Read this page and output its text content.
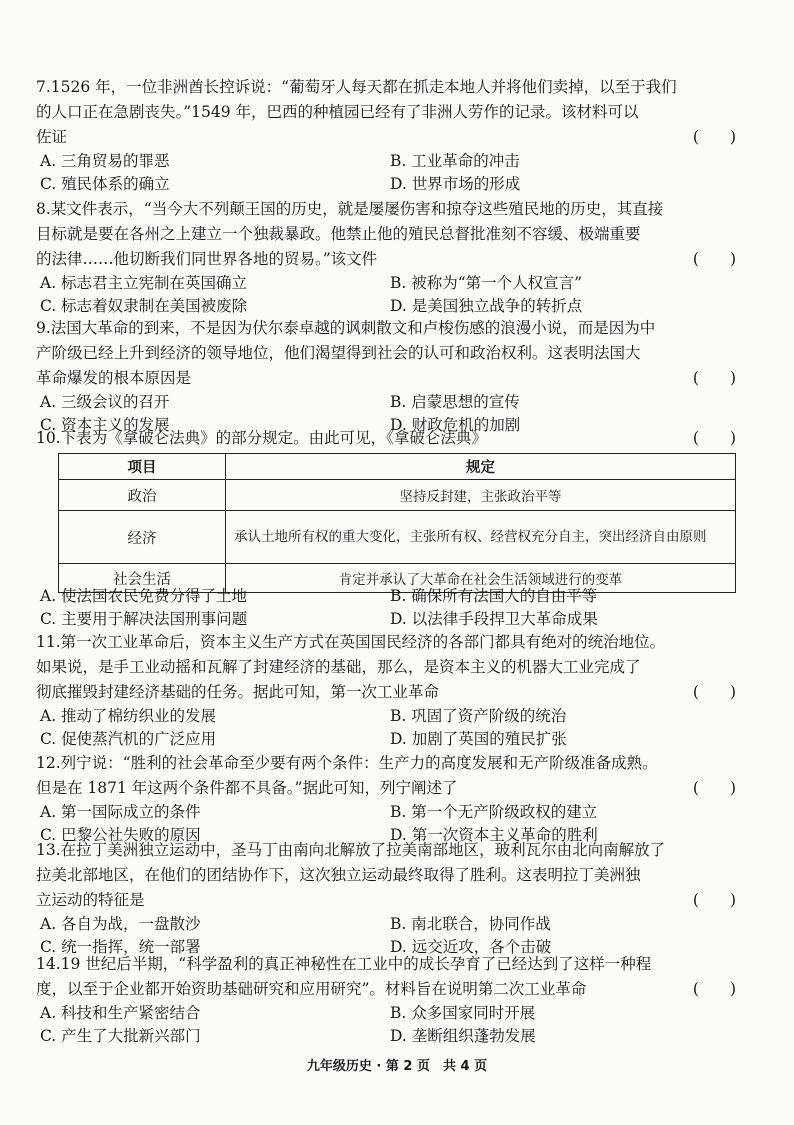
7.1526 年，一位非洲酋长控诉说：“葡萄牙人每天都在抓走本地人并将他们卖掉，以至于我们
的人口正在急剧丧失。”1549 年，巴西的种植园已经有了非洲人劳作的记录。该材料可以

佐证	(　　)

A. 三角贸易的罪恶	B. 工业革命的冲击
C. 殖民体系的确立	D. 世界市场的形成

8.某文件表示，“当今大不列颠王国的历史，就是屡屡伤害和掠夺这些殖民地的历史，其直接
目标就是要在各州之上建立一个独裁暴政。他禁止他的殖民总督批准刻不容缓、极端重要

的法律……他切断我们同世界各地的贸易。”该文件	(　　)

A. 标志君主立宪制在英国确立	B. 被称为“第一个人权宣言”
C. 标志着奴隶制在美国被废除	D. 是美国独立战争的转折点

9.法国大革命的到来，不是因为伏尔泰卓越的讽刺散文和卢梭伤感的浪漫小说，而是因为中
产阶级已经上升到经济的领导地位，他们渴望得到社会的认可和政治权利。这表明法国大

革命爆发的根本原因是	(　　)

A. 三级会议的召开	B. 启蒙思想的宣传
C. 资本主义的发展	D. 财政危机的加剧

10.下表为《拿破仑法典》的部分规定。由此可见，《拿破仑法典》	(　　)

项目	规定
政治	坚持反封建，主张政治平等
经济	承认土地所有权的重大变化，主张所有权、经营权充分自主，突出经济自由原则
社会生活	肯定并承认了大革命在社会生活领域进行的变革
A. 使法国农民免费分得了土地	B. 确保所有法国人的自由平等
C. 主要用于解决法国刑事问题	D. 以法律手段捍卫大革命成果

11.第一次工业革命后，资本主义生产方式在英国国民经济的各部门都具有绝对的统治地位。
如果说，是手工业动摇和瓦解了封建经济的基础，那么，是资本主义的机器大工业完成了

彻底摧毁封建经济基础的任务。据此可知，第一次工业革命	(　　)

A. 推动了棉纺织业的发展	B. 巩固了资产阶级的统治
C. 促使蒸汽机的广泛应用	D. 加剧了英国的殖民扩张

12.列宁说：“胜利的社会革命至少要有两个条件：生产力的高度发展和无产阶级准备成熟。

但是在 1871 年这两个条件都不具备。”据此可知，列宁阐述了	(　　)

A. 第一国际成立的条件	B. 第一个无产阶级政权的建立
C. 巴黎公社失败的原因	D. 第一次资本主义革命的胜利

13.在拉丁美洲独立运动中，圣马丁由南向北解放了拉美南部地区，玻利瓦尔由北向南解放了
拉美北部地区，在他们的团结协作下，这次独立运动最终取得了胜利。这表明拉丁美洲独

立运动的特征是	(　　)

A. 各自为战，一盘散沙	B. 南北联合，协同作战
C. 统一指挥，统一部署	D. 远交近攻，各个击破

14.19 世纪后半期，“科学盈利的真正神秘性在工业中的成长孕育了已经达到了这样一种程

度，以至于企业都开始资助基础研究和应用研究”。材料旨在说明第二次工业革命	(　　)

A. 科技和生产紧密结合	B. 众多国家同时开展
C. 产生了大批新兴部门	D. 垄断组织蓬勃发展
九年级历史 · 第 2 页　共 4 页
